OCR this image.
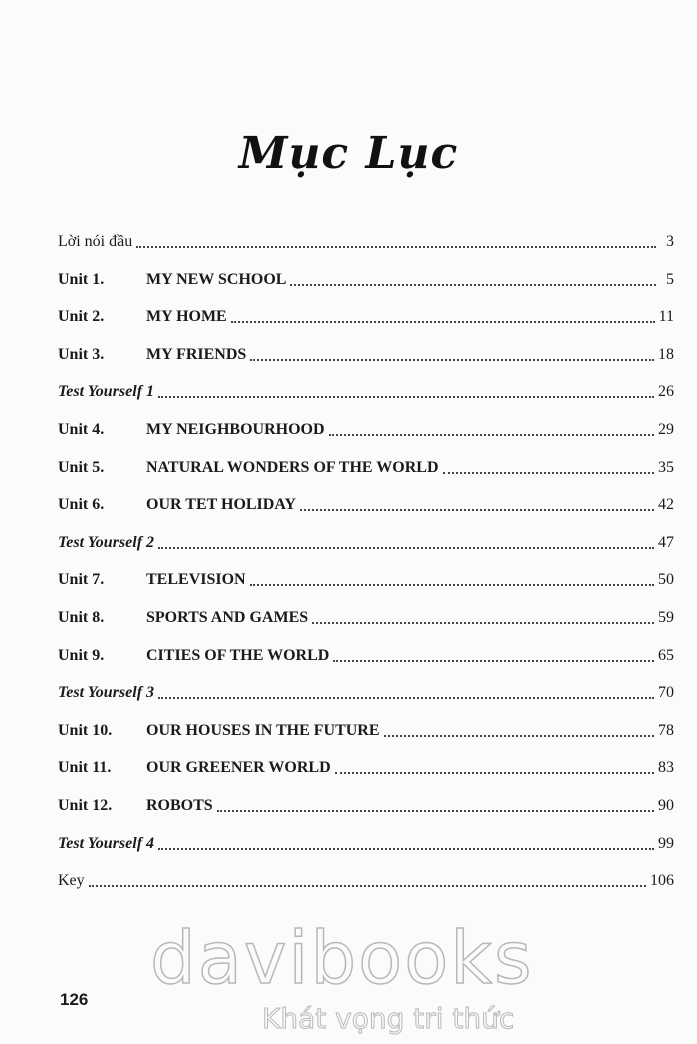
Mục Lục
Lời nói đầu	3
Unit 1.	MY NEW SCHOOL	5
Unit 2.	MY HOME	11
Unit 3.	MY FRIENDS	18
Test Yourself 1	26
Unit 4.	MY NEIGHBOURHOOD	29
Unit 5.	NATURAL WONDERS OF THE WORLD	35
Unit 6.	OUR TET HOLIDAY	42
Test Yourself 2	47
Unit 7.	TELEVISION	50
Unit 8.	SPORTS AND GAMES	59
Unit 9.	CITIES OF THE WORLD	65
Test Yourself 3	70
Unit 10.	OUR HOUSES IN THE FUTURE	78
Unit 11.	OUR GREENER WORLD	83
Unit 12.	ROBOTS	90
Test Yourself 4	99
Key	106
davibooks
Khát vọng tri thức
126
